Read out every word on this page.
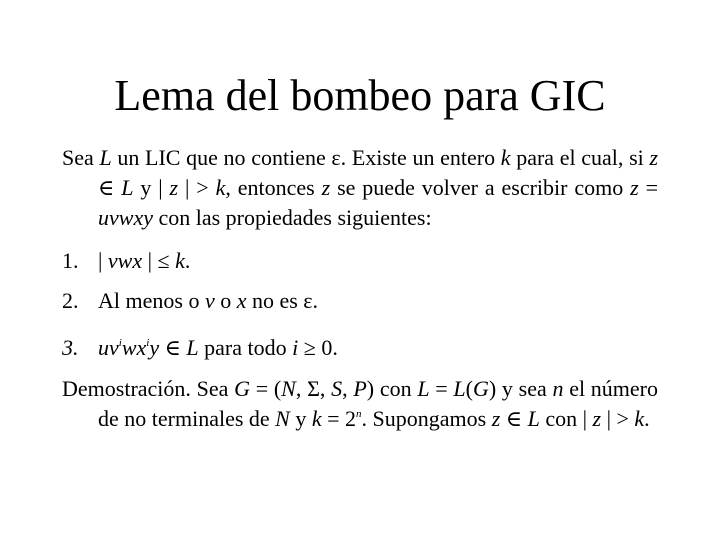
Lema del bombeo para GIC
Sea L un LIC que no contiene ε. Existe un entero k para el cual, si z ∈ L y | z | > k, entonces z se puede volver a escribir como z = uvwxy con las propiedades siguientes:
1. | vwx | ≤ k.
2. Al menos o v o x no es ε.
3. $uv^iwx^iy$ ∈ L para todo i ≥ 0.
Demostración. Sea G = (N, Σ, S, P) con L = L(G) y sea n el número de no terminales de N y $k = 2^n$. Supongamos z ∈ L con | z | > k.
